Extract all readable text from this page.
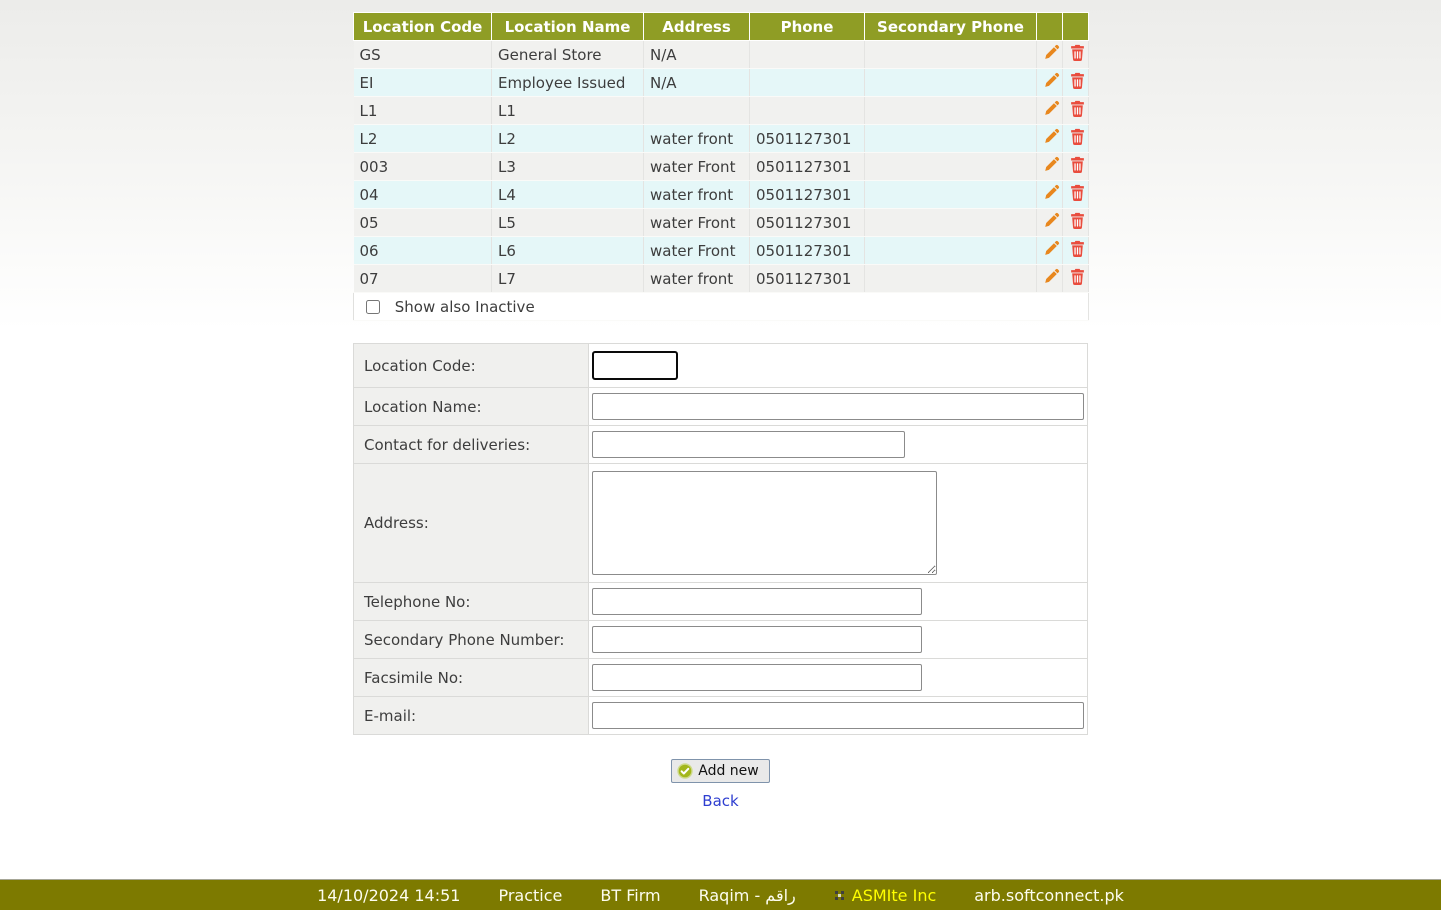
Location Code	Location Name	Address	Phone	Secondary Phone		
GS	General Store	N/A				
EI	Employee Issued	N/A				
L1	L1					
L2	L2	water front	0501127301			
003	L3	water Front	0501127301			
04	L4	water front	0501127301			
05	L5	water Front	0501127301			
06	L6	water Front	0501127301			
07	L7	water front	0501127301			
Show also Inactive						
Location Code:	
Location Name:	
Contact for deliveries:	
Address:	

Telephone No:	
Secondary Phone Number:	
Facsimile No:	
E-mail:	
Add new

Back
14/10/2024 14:51 Practice BT Firm Raqim - راقم	ASMIte Inc arb.softconnect.pk
